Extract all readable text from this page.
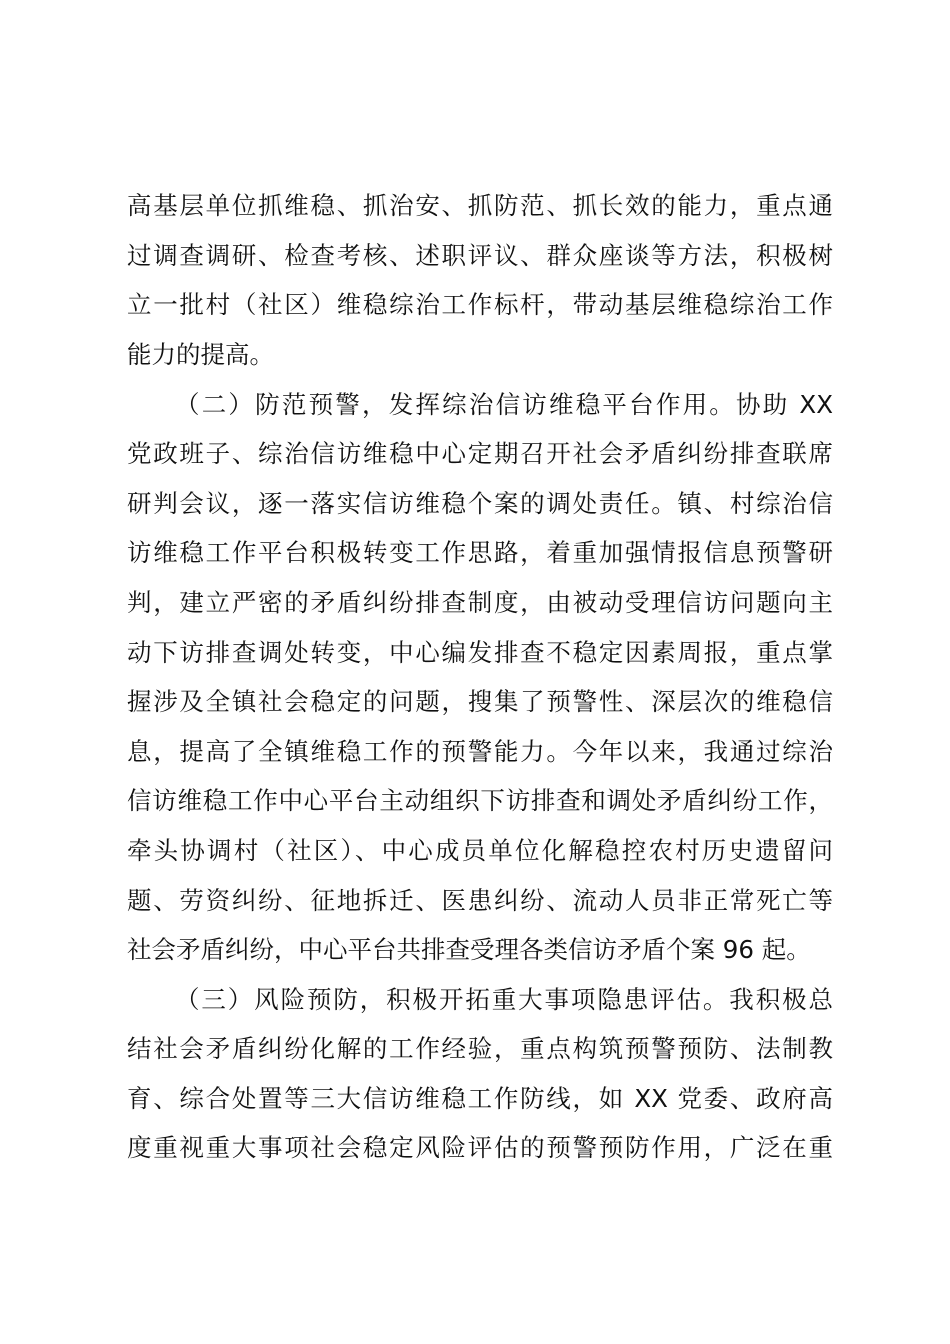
高基层单位抓维稳、抓治安、抓防范、抓长效的能力，重点通
过调查调研、检查考核、述职评议、群众座谈等方法，积极树
立一批村（社区）维稳综治工作标杆，带动基层维稳综治工作
能力的提高。
（二）防范预警，发挥综治信访维稳平台作用。协助 XX
党政班子、综治信访维稳中心定期召开社会矛盾纠纷排查联席
研判会议，逐一落实信访维稳个案的调处责任。镇、村综治信
访维稳工作平台积极转变工作思路，着重加强情报信息预警研
判，建立严密的矛盾纠纷排查制度，由被动受理信访问题向主
动下访排查调处转变，中心编发排查不稳定因素周报，重点掌
握涉及全镇社会稳定的问题，搜集了预警性、深层次的维稳信
息，提高了全镇维稳工作的预警能力。今年以来，我通过综治
信访维稳工作中心平台主动组织下访排查和调处矛盾纠纷工作，
牵头协调村（社区）、中心成员单位化解稳控农村历史遗留问
题、劳资纠纷、征地拆迁、医患纠纷、流动人员非正常死亡等
社会矛盾纠纷，中心平台共排查受理各类信访矛盾个案 96 起。
（三）风险预防，积极开拓重大事项隐患评估。我积极总
结社会矛盾纠纷化解的工作经验，重点构筑预警预防、法制教
育、综合处置等三大信访维稳工作防线，如 XX 党委、政府高
度重视重大事项社会稳定风险评估的预警预防作用，广泛在重
